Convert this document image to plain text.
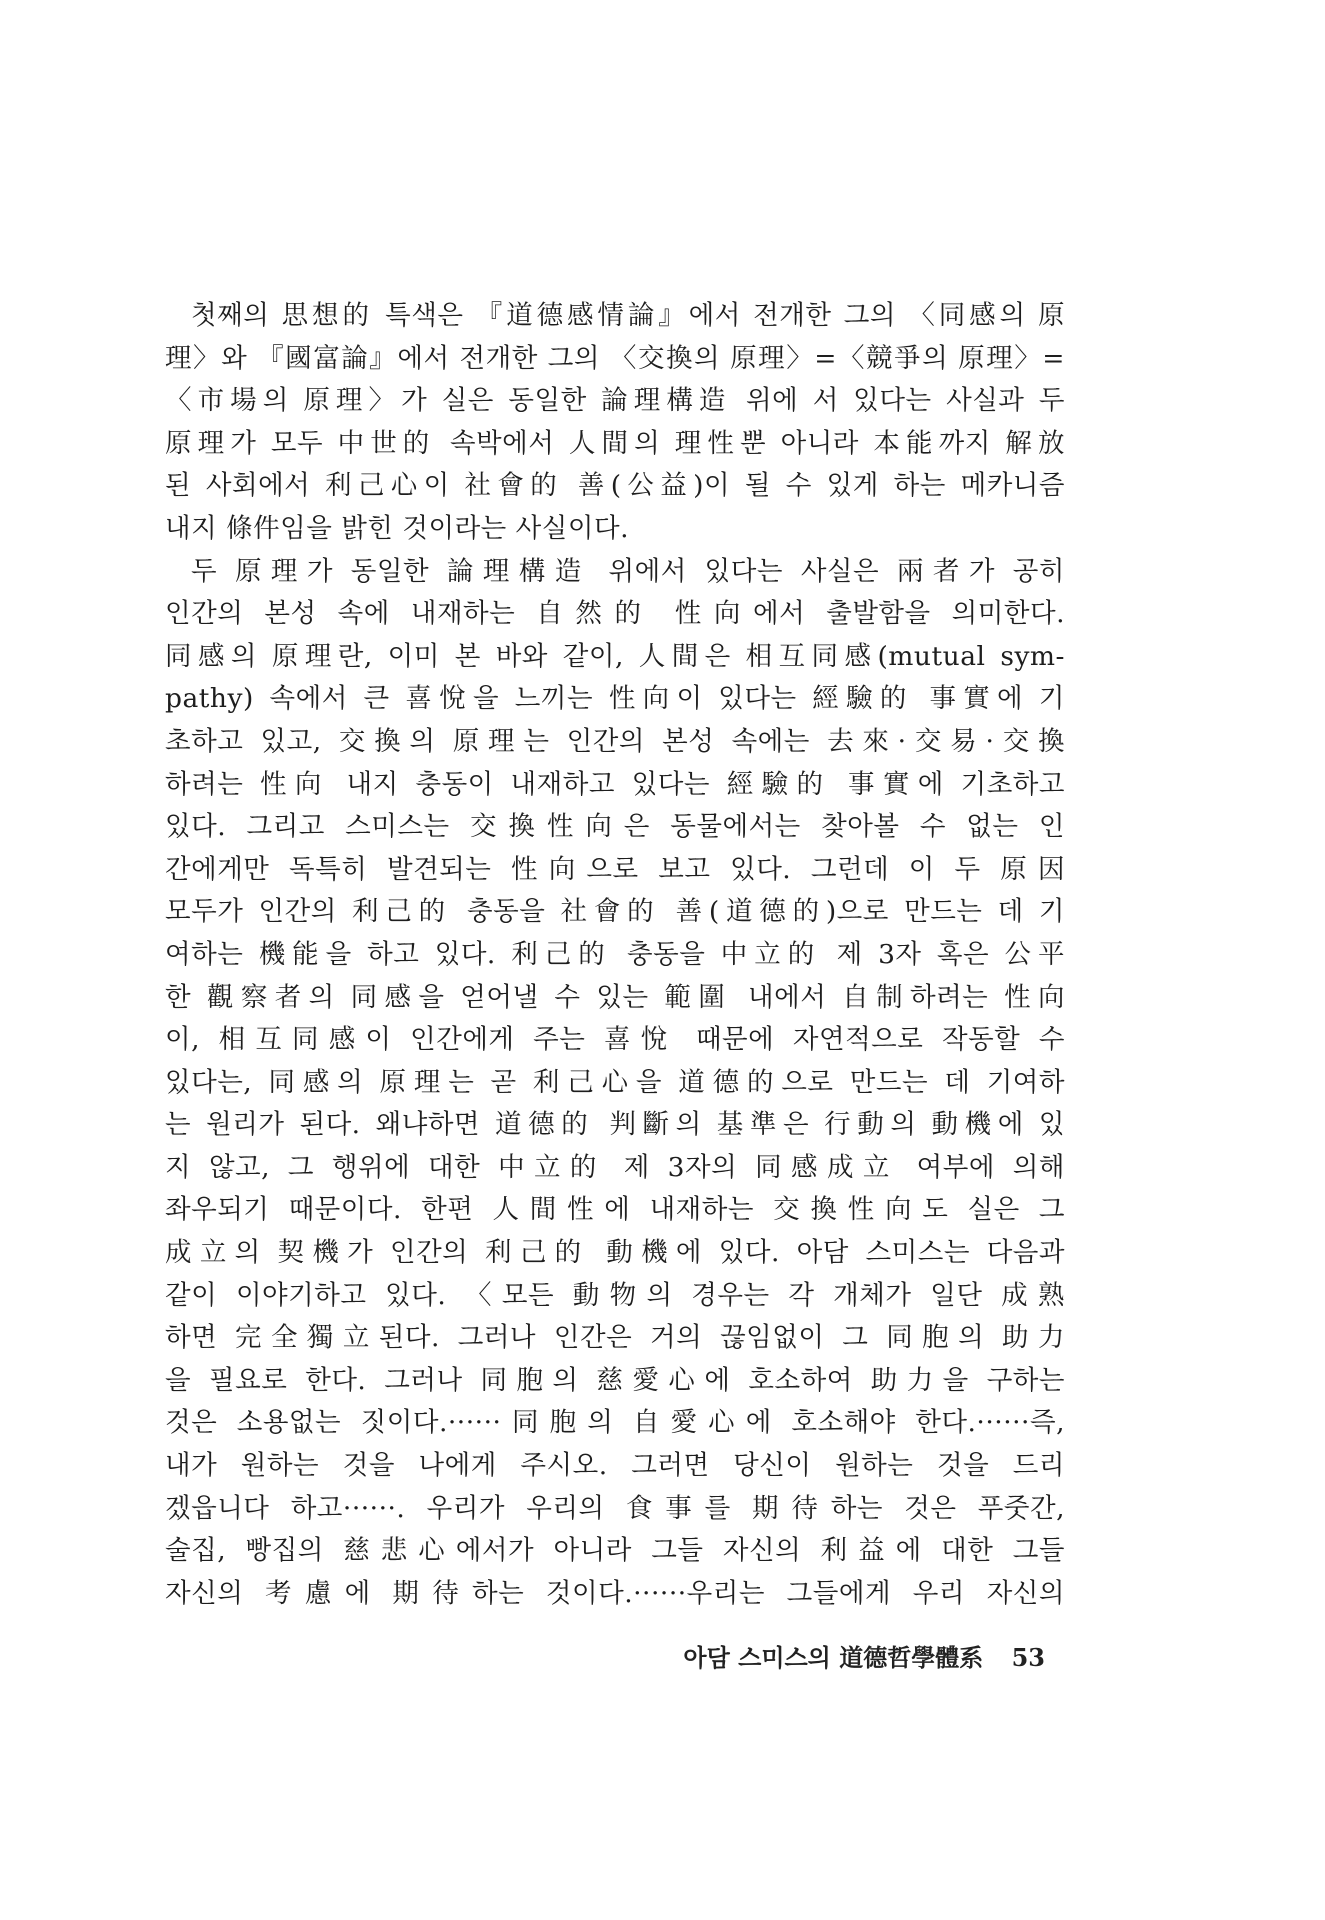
첫째의 思想的 특색은 『道德感情論』에서 전개한 그의 〈同感의 原
理〉와 『國富論』에서 전개한 그의 〈交換의 原理〉=〈競爭의 原理〉=
〈市場의 原理〉가 실은 동일한 論理構造 위에 서 있다는 사실과 두
原理가 모두 中世的 속박에서 人間의 理性뿐 아니라 本能까지 解放
된 사회에서 利己心이 社會的 善(公益)이 될 수 있게 하는 메카니즘
내지 條件임을 밝힌 것이라는 사실이다.

두 原理가 동일한 論理構造 위에서 있다는 사실은 兩者가 공히
인간의 본성 속에 내재하는 自然的 性向에서 출발함을 의미한다.
同感의 原理란, 이미 본 바와 같이, 人間은 相互同感(mutual sym-
pathy) 속에서 큰 喜悅을 느끼는 性向이 있다는 經驗的 事實에 기
초하고 있고, 交換의 原理는 인간의 본성 속에는 去來·交易·交換
하려는 性向 내지 충동이 내재하고 있다는 經驗的 事實에 기초하고
있다. 그리고 스미스는 交換性向은 동물에서는 찾아볼 수 없는 인
간에게만 독특히 발견되는 性向으로 보고 있다. 그런데 이 두 原因
모두가 인간의 利己的 충동을 社會的 善(道德的)으로 만드는 데 기
여하는 機能을 하고 있다. 利己的 충동을 中立的 제 3자 혹은 公平
한 觀察者의 同感을 얻어낼 수 있는 範圍 내에서 自制하려는 性向
이, 相互同感이 인간에게 주는 喜悅 때문에 자연적으로 작동할 수
있다는, 同感의 原理는 곧 利己心을 道德的으로 만드는 데 기여하
는 원리가 된다. 왜냐하면 道德的 判斷의 基準은 行動의 動機에 있
지 않고, 그 행위에 대한 中立的 제 3자의 同感成立 여부에 의해
좌우되기 때문이다. 한편 人間性에 내재하는 交換性向도 실은 그
成立의 契機가 인간의 利己的 動機에 있다. 아담 스미스는 다음과
같이 이야기하고 있다. 〈모든 動物의 경우는 각 개체가 일단 成熟
하면 完全獨立된다. 그러나 인간은 거의 끊임없이 그 同胞의 助力
을 필요로 한다. 그러나 同胞의 慈愛心에 호소하여 助力을 구하는
것은 소용없는 짓이다.······同胞의 自愛心에 호소해야 한다.······즉,
내가 원하는 것을 나에게 주시오. 그러면 당신이 원하는 것을 드리
겠읍니다 하고······. 우리가 우리의 食事를 期待하는 것은 푸줏간,
술집, 빵집의 慈悲心에서가 아니라 그들 자신의 利益에 대한 그들
자신의 考慮에 期待하는 것이다.······우리는 그들에게 우리 자신의

아담 스미스의 道德哲學體系 53
